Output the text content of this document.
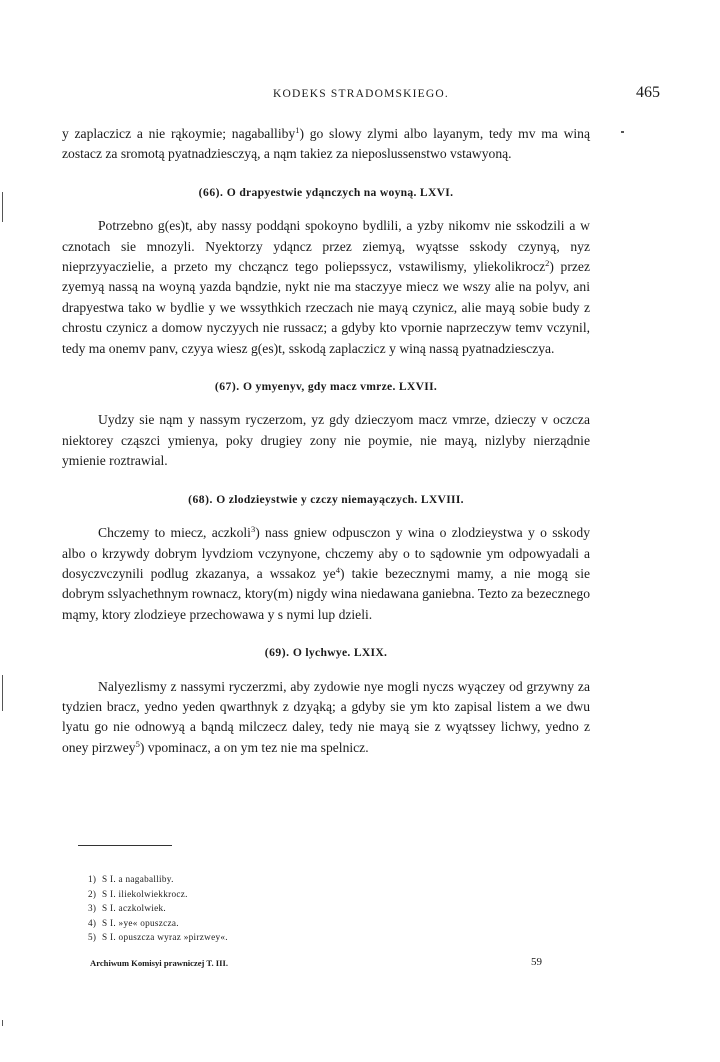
KODEKS STRADOMSKIEGO.	465

y zaplaczicz a nie rąkoymie; nagaballiby$^1$) go slowy zlymi albo layanym, tedy mv ma winą zostacz za sromotą pyatnadziesczyą, a nąm takiez za nieposlussenstwo vstawyoną.

(66). O drapyestwie ydąnczych na woyną. LXVI.

Potrzebno g(es)t, aby nassy poddąni spokoyno bydlili, a yzby nikomv nie sskodzili a w cznotach sie mnozyli. Nyektorzy ydąncz przez ziemyą, wyątsse sskody czynyą, nyz nieprzyyaczielie, a przeto my chcząncz tego poliepssycz, vstawilismy, yliekolikrocz$^2$) przez zyemyą nassą na woyną yazda bąndzie, nykt nie ma staczyye miecz we wszy alie na polyv, ani drapyestwa tako w bydlie y we wssythkich rzeczach nie mayą czynicz, alie mayą sobie budy z chrostu czynicz a domow nyczyych nie russacz; a gdyby kto vpornie naprzeczyw temv vczynil, tedy ma onemv panv, czyya wiesz g(es)t, sskodą zaplaczicz y winą nassą pyatnadziesczya.

(67). O ymyenyv, gdy macz vmrze. LXVII.

Uydzy sie nąm y nassym ryczerzom, yz gdy dzieczyom macz vmrze, dzieczy v oczcza niektorey cząszci ymienya, poky drugiey zony nie poymie, nie mayą, nizlyby nierządnie ymienie roztrawial.

(68). O zlodzieystwie y czczy niemayączych. LXVIII.

Chczemy to miecz, aczkoli$^3$) nass gniew odpusczon y wina o zlodzieystwa y o sskody albo o krzywdy dobrym lyvdziom vczynyone, chczemy aby o to sądownie ym odpowyadali a dosyczvczynili podlug zkazanya, a wssakoz $ye^4$) takie bezecznymi mamy, a nie mogą sie dobrym sslyachethnym rownacz, ktory(m) nigdy wina niedawana ganiebna. Tezto za bezecznego mąmy, ktory zlodzieye przechowawa y s nymi lup dzieli.

(69). O lychwye. LXIX.

Nalyezlismy z nassymi ryczerzmi, aby zydowie nye mogli nyczs wyączey od grzywny za tydzien bracz, yedno yeden qwarthnyk z dzyąką; a gdyby sie ym kto zapisal listem a we dwu lyatu go nie odnowyą a bąndą milczecz daley, tedy nie mayą sie z wyątssey lichwy, yedno z oney pirzwey$^5$) vpominacz, a on ym tez nie ma spelnicz.

1) S I. a nagaballiby.
2) S I. iliekolwiekkrocz.
3) S I. aczkolwiek.
4) S I. »ye« opuszcza.
5) S I. opuszcza wyraz »pirzwey«.
Archiwum Komisyi prawniczej T. III.	59
